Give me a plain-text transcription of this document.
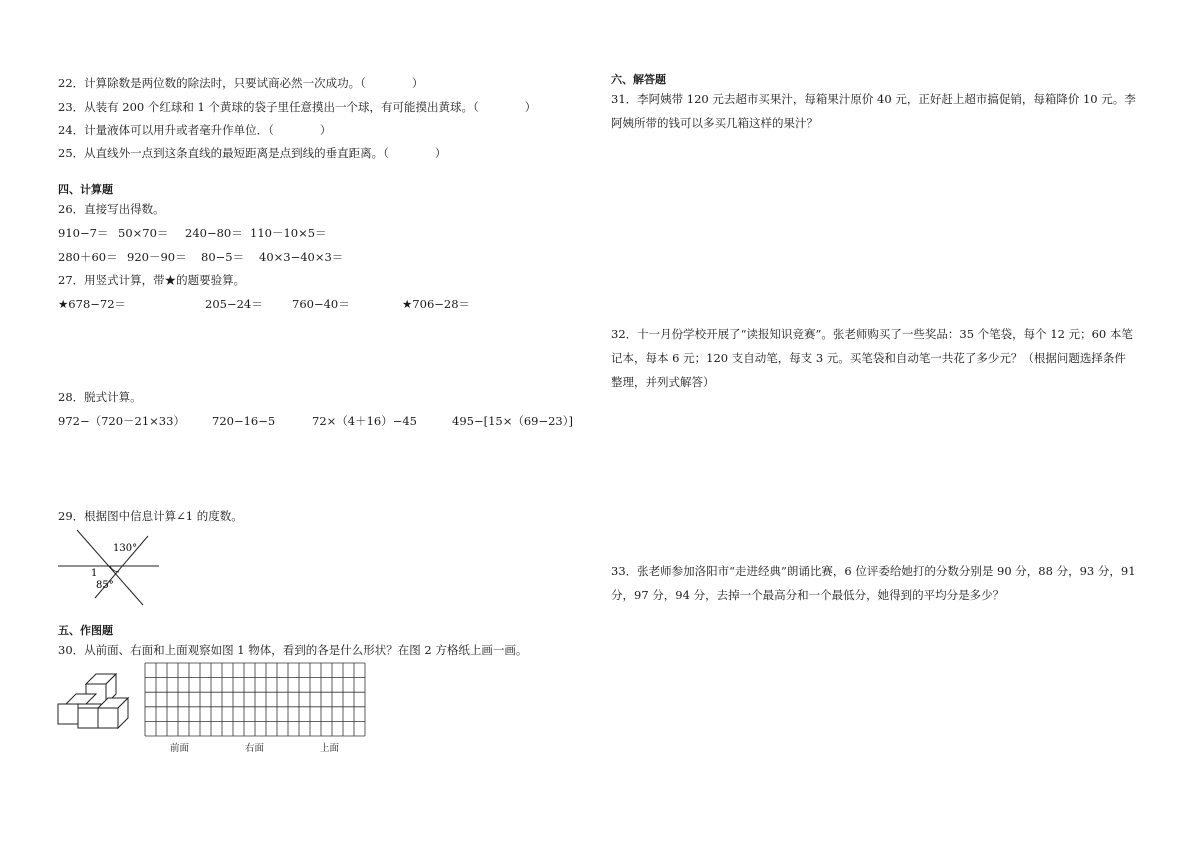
22．计算除数是两位数的除法时，只要试商必然一次成功。（　　　　）
23．从装有 200 个红球和 1 个黄球的袋子里任意摸出一个球，有可能摸出黄球。（　　　　）
24．计量液体可以用升或者毫升作单位．（　　　　）
25．从直线外一点到这条直线的最短距离是点到线的垂直距离。（　　　　）
四、计算题
26．直接写出得数。
910−7＝ 50×70＝ 240−80＝ 110－10×5＝
280＋60＝ 920－90＝ 80−5＝ 40×3−40×3＝
27．用竖式计算，带★的题要验算。
★678−72＝	205−24＝	760−40＝	★706−28＝
28．脱式计算。
972−（720－21×33） 720−16−5	72×（4＋16）−45	495−[15×（69−23）]
29．根据图中信息计算∠1 的度数。
130°
1
85°
五、作图题
30．从前面、右面和上面观察如图 1 物体，看到的各是什么形状？在图 2 方格纸上画一画。
前面	右面	上面
六、解答题
31．李阿姨带 120 元去超市买果汁，每箱果汁原价 40 元，正好赶上超市搞促销，每箱降价 10 元。李
阿姨所带的钱可以多买几箱这样的果汁？
32．十一月份学校开展了“读报知识竞赛”。张老师购买了一些奖品：35 个笔袋，每个 12 元；60 本笔
记本，每本 6 元；120 支自动笔，每支 3 元。买笔袋和自动笔一共花了多少元？（根据问题选择条件
整理，并列式解答）
33．张老师参加洛阳市“走进经典”朗诵比赛，6 位评委给她打的分数分别是 90 分，88 分，93 分，91
分，97 分，94 分，去掉一个最高分和一个最低分，她得到的平均分是多少？
